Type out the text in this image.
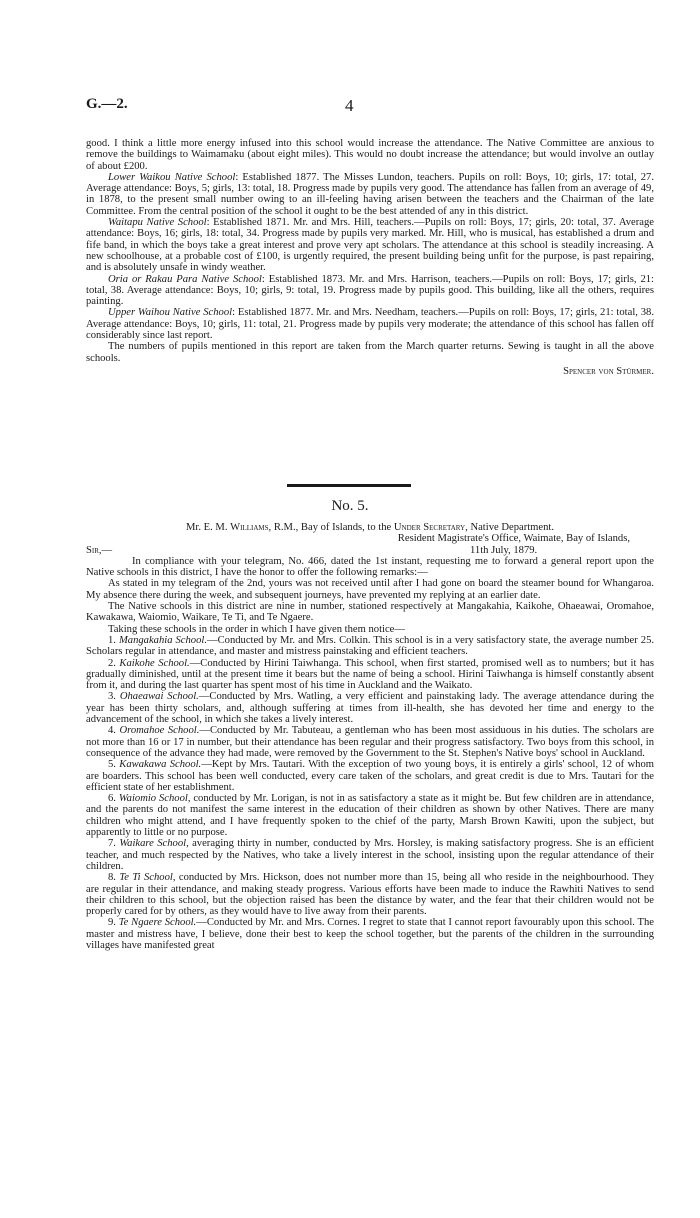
G.—2.	4

good. I think a little more energy infused into this school would increase the attendance. The Native Committee are anxious to remove the buildings to Waimamaku (about eight miles). This would no doubt increase the attendance; but would involve an outlay of about £200.

Lower Waikou Native School: Established 1877. The Misses Lundon, teachers. Pupils on roll: Boys, 10; girls, 17: total, 27. Average attendance: Boys, 5; girls, 13: total, 18. Progress made by pupils very good. The attendance has fallen from an average of 49, in 1878, to the present small number owing to an ill-feeling having arisen between the teachers and the Chairman of the late Committee. From the central position of the school it ought to be the best attended of any in this district.

Waitapu Native School: Established 1871. Mr. and Mrs. Hill, teachers.—Pupils on roll: Boys, 17; girls, 20: total, 37. Average attendance: Boys, 16; girls, 18: total, 34. Progress made by pupils very marked. Mr. Hill, who is musical, has established a drum and fife band, in which the boys take a great interest and prove very apt scholars. The attendance at this school is steadily increasing. A new schoolhouse, at a probable cost of £100, is urgently required, the present building being unfit for the purpose, is past repairing, and is absolutely unsafe in windy weather.

Oria or Rakau Para Native School: Established 1873. Mr. and Mrs. Harrison, teachers.—Pupils on roll: Boys, 17; girls, 21: total, 38. Average attendance: Boys, 10; girls, 9: total, 19. Progress made by pupils good. This building, like all the others, requires painting.

Upper Waihou Native School: Established 1877. Mr. and Mrs. Needham, teachers.—Pupils on roll: Boys, 17; girls, 21: total, 38. Average attendance: Boys, 10; girls, 11: total, 21. Progress made by pupils very moderate; the attendance of this school has fallen off considerably since last report.

The numbers of pupils mentioned in this report are taken from the March quarter returns. Sewing is taught in all the above schools.

Spencer von Stürmer.

No. 5.

Mr. E. M. Williams, R.M., Bay of Islands, to the Under Secretary, Native Department.

Resident Magistrate's Office, Waimate, Bay of Islands,
Sir,—	11th July, 1879.

In compliance with your telegram, No. 466, dated the 1st instant, requesting me to forward a general report upon the Native schools in this district, I have the honor to offer the following remarks:—

As stated in my telegram of the 2nd, yours was not received until after I had gone on board the steamer bound for Whangaroa. My absence there during the week, and subsequent journeys, have prevented my replying at an earlier date.

The Native schools in this district are nine in number, stationed respectively at Mangakahia, Kaikohe, Ohaeawai, Oromahoe, Kawakawa, Waiomio, Waikare, Te Ti, and Te Ngaere.

Taking these schools in the order in which I have given them notice—

1. Mangakahia School.—Conducted by Mr. and Mrs. Colkin. This school is in a very satisfactory state, the average number 25. Scholars regular in attendance, and master and mistress painstaking and efficient teachers.

2. Kaikohe School.—Conducted by Hirini Taiwhanga. This school, when first started, promised well as to numbers; but it has gradually diminished, until at the present time it bears but the name of being a school. Hirini Taiwhanga is himself constantly absent from it, and during the last quarter has spent most of his time in Auckland and the Waikato.

3. Ohaeawai School.—Conducted by Mrs. Watling, a very efficient and painstaking lady. The average attendance during the year has been thirty scholars, and, although suffering at times from ill-health, she has devoted her time and energy to the advancement of the school, in which she takes a lively interest.

4. Oromahoe School.—Conducted by Mr. Tabuteau, a gentleman who has been most assiduous in his duties. The scholars are not more than 16 or 17 in number, but their attendance has been regular and their progress satisfactory. Two boys from this school, in consequence of the advance they had made, were removed by the Government to the St. Stephen's Native boys' school in Auckland.

5. Kawakawa School.—Kept by Mrs. Tautari. With the exception of two young boys, it is entirely a girls' school, 12 of whom are boarders. This school has been well conducted, every care taken of the scholars, and great credit is due to Mrs. Tautari for the efficient state of her establishment.

6. Waiomio School, conducted by Mr. Lorigan, is not in as satisfactory a state as it might be. But few children are in attendance, and the parents do not manifest the same interest in the education of their children as shown by other Natives. There are many children who might attend, and I have frequently spoken to the chief of the party, Marsh Brown Kawiti, upon the subject, but apparently to little or no purpose.

7. Waikare School, averaging thirty in number, conducted by Mrs. Horsley, is making satisfactory progress. She is an efficient teacher, and much respected by the Natives, who take a lively interest in the school, insisting upon the regular attendance of their children.

8. Te Ti School, conducted by Mrs. Hickson, does not number more than 15, being all who reside in the neighbourhood. They are regular in their attendance, and making steady progress. Various efforts have been made to induce the Rawhiti Natives to send their children to this school, but the objection raised has been the distance by water, and the fear that their children would not be properly cared for by others, as they would have to live away from their parents.

9. Te Ngaere School.—Conducted by Mr. and Mrs. Cornes. I regret to state that I cannot report favourably upon this school. The master and mistress have, I believe, done their best to keep the school together, but the parents of the children in the surrounding villages have manifested great
